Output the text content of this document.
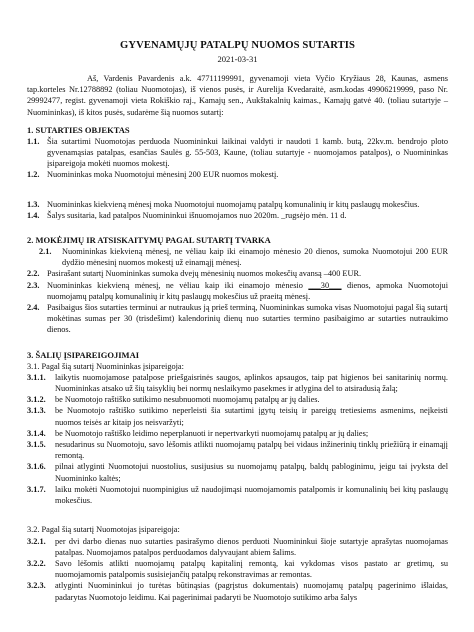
GYVENAMŲJŲ PATALPŲ NUOMOS SUTARTIS
2021-03-31
Aš, Vardenis Pavardenis a.k. 47711199991, gyvenamoji vieta Vyčio Kryžiaus 28, Kaunas, asmens tap.korteles Nr.12788892 (toliau Nuomotojas), iš vienos pusės, ir Aurelija Kvedaraitė, asm.kodas 49906219999, paso Nr. 29992477, regist. gyvenamoji vieta Rokiškio raj., Kamajų sen., Aukštakalnių kaimas., Kamajų gatvė 40. (toliau sutartyje – Nuomininkas), iš kitos pusės, sudarėme šią nuomos sutartį:
1. SUTARTIES OBJEKTAS
1.1. Šia sutartimi Nuomotojas perduoda Nuomininkui laikinai valdyti ir naudoti 1 kamb. butą, 22kv.m. bendrojo ploto gyvenamąsias patalpas, esančias Saulės g. 55-503, Kaune, (toliau sutartyje - nuomojamos patalpos), o Nuomininkas įsipareigoja mokėti nuomos mokestį.
1.2. Nuomininkas moka Nuomotojui mėnesinį 200 EUR nuomos mokestį.
1.3. Nuomininkas kiekvieną mėnesį moka Nuomotojui nuomojamų patalpų komunalinių ir kitų paslaugų mokesčius.
1.4. Šalys susitaria, kad patalpos Nuomininkui išnuomojamos nuo 2020m. _rugsėjo mėn. 11 d.
2. MOKĖJIMŲ IR ATSISKAITYMŲ PAGAL SUTARTĮ TVARKA
2.1.	Nuomininkas kiekvieną mėnesį, ne vėliau kaip iki einamojo mėnesio 20 dienos, sumoka Nuomotojui 200 EUR dydžio mėnesinį nuomos mokestį už einamąjį mėnesį.
2.2. Pasirašant sutartį Nuomininkas sumoka dvejų mėnesinių nuomos mokesčių avansą –400 EUR.
2.3. Nuomininkas kiekvieną mėnesį, ne vėliau kaip iki einamojo mėnesio ___30___ dienos, apmoka Nuomotojui nuomojamų patalpų komunalinių ir kitų paslaugų mokesčius už praeitą mėnesį.
2.4. Pasibaigus šios sutarties terminui ar nutraukus ją prieš terminą, Nuomininkas sumoka visas Nuomotojui pagal šią sutartį mokėtinas sumas per 30 (trisdešimt) kalendorinių dienų nuo sutarties termino pasibaigimo ar sutarties nutraukimo dienos.
3. ŠALIŲ ĮSIPAREIGOJIMAI
3.1. Pagal šią sutartį Nuomininkas įsipareigoja:
3.1.1.	laikytis nuomojamose patalpose priešgaisrinės saugos, aplinkos apsaugos, taip pat higienos bei sanitarinių normų. Nuomininkas atsako už šių taisyklių bei normų neslaikymo pasekmes ir atlygina del to atsiradusią žalą;
3.1.2.	be Nuomotojo raštiško sutikimo nesubnuomoti nuomojamų patalpų ar jų dalies.
3.1.3.	be Nuomotojo raštiško sutikimo neperleisti šia sutartimi įgytų teisių ir pareigų tretiesiems asmenims, neįkeisti nuomos teisės ar kitaip jos neisvaržyti;
3.1.4.	be Nuomotojo raštiško leidimo neperplanuoti ir nepertvarkyti nuomojamų patalpų ar jų dalies;
3.1.5.	nesudarinus su Nuomotoju, savo lėšomis atlikti nuomojamų patalpų bei vidaus inžinerinių tinklų priežiūrą ir einamąjį remontą.
3.1.6.	pilnai atlyginti Nuomotojui nuostolius, susijusius su nuomojamų patalpų, baldų pabloginimu, jeigu tai įvyksta del Nuomininko kaltės;
3.1.7.	laiku mokėti Nuomotojui nuompinigius už naudojimąsi nuomojamomis patalpomis ir komunalinių bei kitų paslaugų mokesčius.
3.2. Pagal šią sutartį Nuomotojas įsipareigoja:
3.2.1.	per dvi darbo dienas nuo sutarties pasirašymo dienos perduoti Nuomininkui šioje sutartyje aprašytas nuomojamas patalpas. Nuomojamos patalpos perduodamos dalyvaujant abiem šalims.
3.2.2.	Savo lėšomis atlikti nuomojamų patalpų kapitalinį remontą, kai vykdomas visos pastato ar gretimų, su nuomojamomis patalpomis susisiejančių patalpų rekonstravimas ar remontas.
3.2.3.	atlyginti Nuomininkui jo turėtas būtinąsias (pagrįstus dokumentais) nuomojamų patalpų pagerinimo išlaidas, padarytas Nuomotojo leidimu. Kai pagerinimai padaryti be Nuomotojo sutikimo arba šalys
